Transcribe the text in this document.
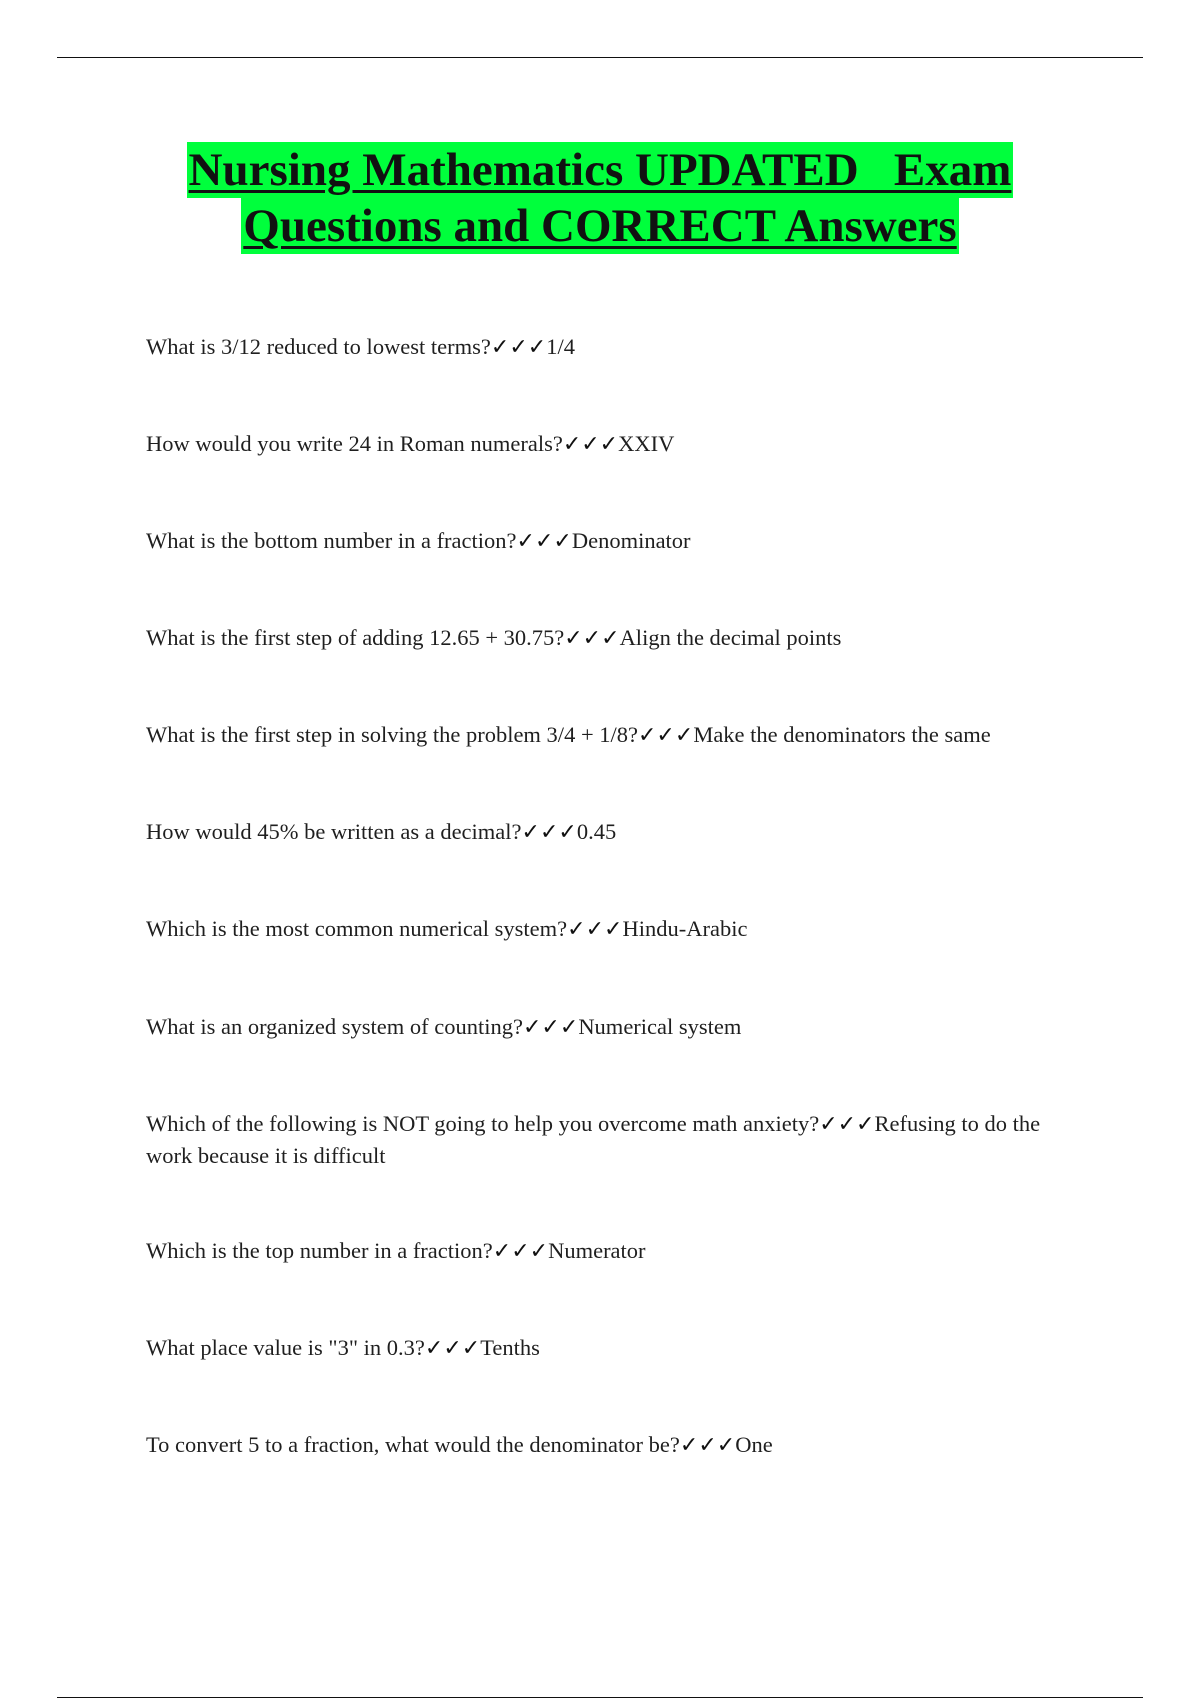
Nursing Mathematics UPDATED   Exam
Questions and CORRECT Answers
What is 3/12 reduced to lowest terms?✓✓✓1/4
How would you write 24 in Roman numerals?✓✓✓XXIV
What is the bottom number in a fraction?✓✓✓Denominator
What is the first step of adding 12.65 + 30.75?✓✓✓Align the decimal points
What is the first step in solving the problem 3/4 + 1/8?✓✓✓Make the denominators the same
How would 45% be written as a decimal?✓✓✓0.45
Which is the most common numerical system?✓✓✓Hindu-Arabic
What is an organized system of counting?✓✓✓Numerical system
Which of the following is NOT going to help you overcome math anxiety?✓✓✓Refusing to do the work because it is difficult
Which is the top number in a fraction?✓✓✓Numerator
What place value is "3" in 0.3?✓✓✓Tenths
To convert 5 to a fraction, what would the denominator be?✓✓✓One
